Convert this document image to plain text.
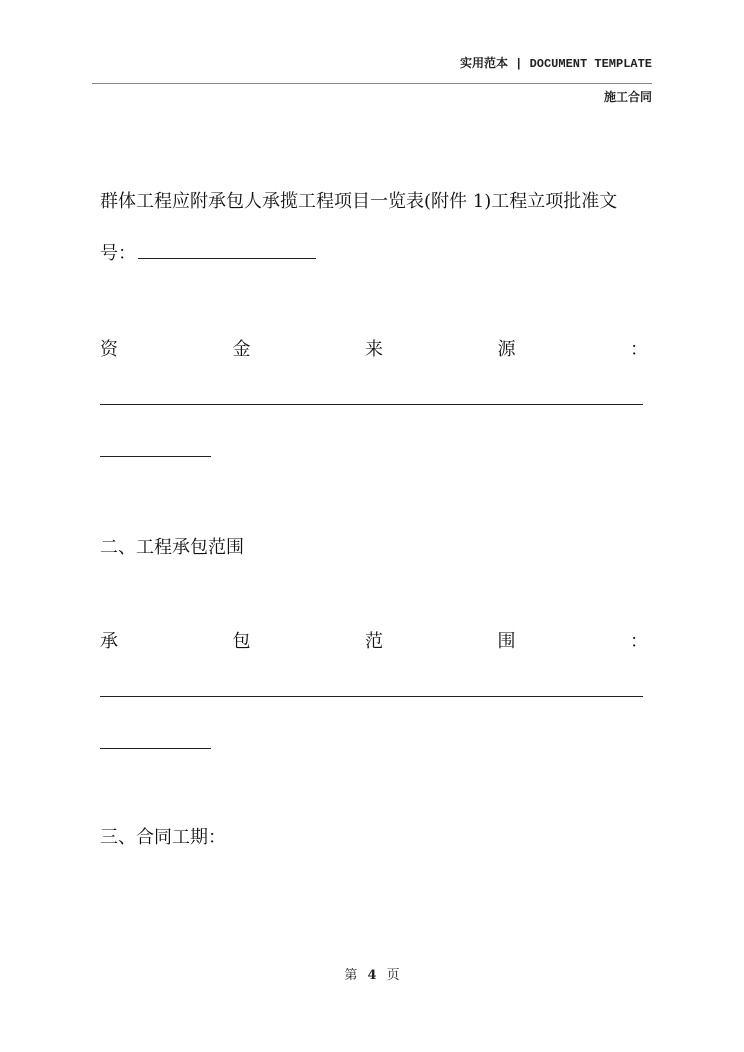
实用范本 | DOCUMENT TEMPLATE
施工合同
群体工程应附承包人承揽工程项目一览表(附件 1)工程立项批准文
号：
资	金	来	源	：
二、工程承包范围
承	包	范	围	：
三、合同工期：
第 4 页
